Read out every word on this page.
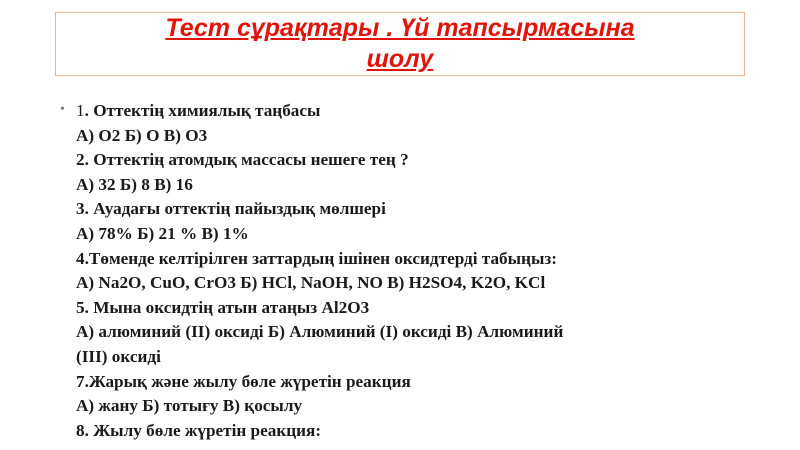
Тест сұрақтары . Үй тапсырмасына
шолу
• 1. Оттектің химиялық таңбасы
А) О2 Б) О В) О3
2. Оттектің атомдық массасы нешеге тең ?
А) 32 Б) 8 В) 16
3. Ауадағы оттектің пайыздық мөлшері
А) 78% Б) 21 % В) 1%
4.Төменде келтірілген заттардың ішінен оксидтерді табыңыз:
А) Na2O, CuO, CrO3 Б) HCl, NaOH, NO В) H2SO4, K2O, KCl
5. Мына оксидтің атын атаңыз Al2O3
А) алюминий (II) оксиді Б) Алюминий (I) оксиді В) Алюминий
(III) оксиді
7.Жарық және жылу бөле жүретін реакция
А) жану Б) тотығу В) қосылу
8. Жылу бөле жүретін реакция:
